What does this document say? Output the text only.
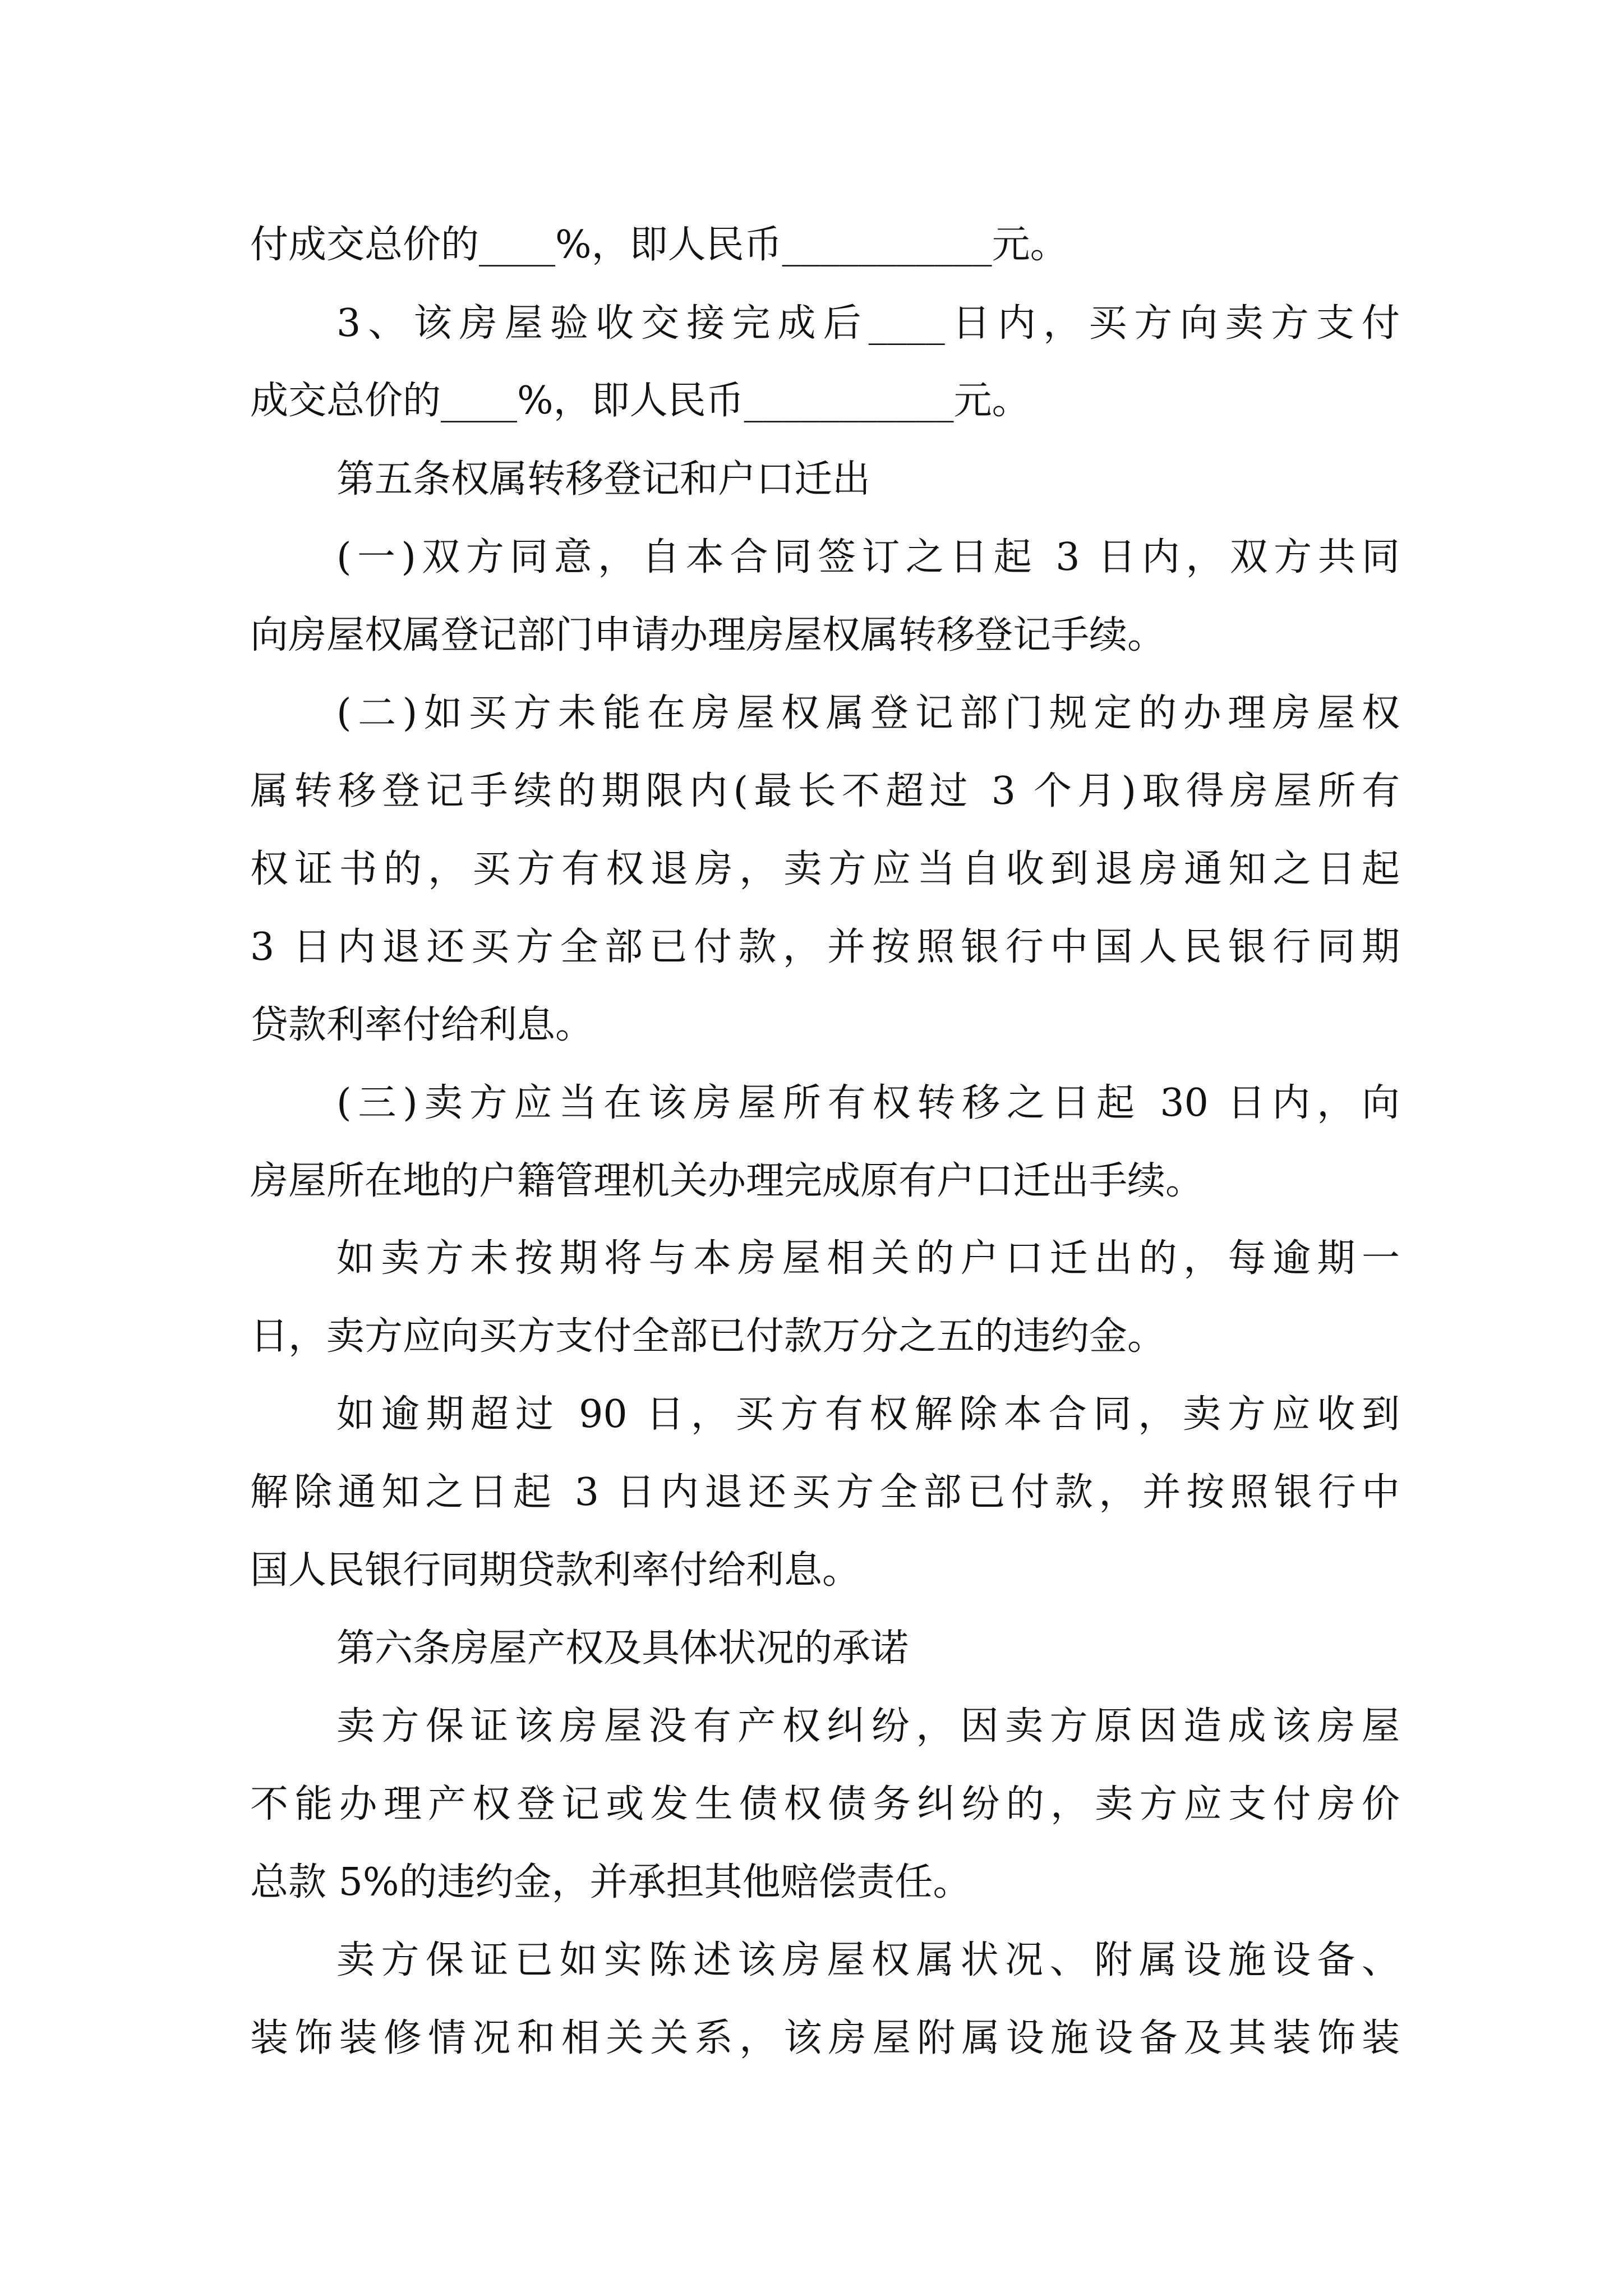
付成交总价的____%，即人民币___________元。
3、该房屋验收交接完成后____日内，买方向卖方支付
成交总价的____%，即人民币___________元。
第五条权属转移登记和户口迁出
(一)双方同意，自本合同签订之日起 3 日内，双方共同
向房屋权属登记部门申请办理房屋权属转移登记手续。
(二)如买方未能在房屋权属登记部门规定的办理房屋权
属转移登记手续的期限内(最长不超过 3 个月)取得房屋所有
权证书的，买方有权退房，卖方应当自收到退房通知之日起
3 日内退还买方全部已付款，并按照银行中国人民银行同期
贷款利率付给利息。
(三)卖方应当在该房屋所有权转移之日起 30 日内，向
房屋所在地的户籍管理机关办理完成原有户口迁出手续。
如卖方未按期将与本房屋相关的户口迁出的，每逾期一
日，卖方应向买方支付全部已付款万分之五的违约金。
如逾期超过 90 日，买方有权解除本合同，卖方应收到
解除通知之日起 3 日内退还买方全部已付款，并按照银行中
国人民银行同期贷款利率付给利息。
第六条房屋产权及具体状况的承诺
卖方保证该房屋没有产权纠纷，因卖方原因造成该房屋
不能办理产权登记或发生债权债务纠纷的，卖方应支付房价
总款 5%的违约金，并承担其他赔偿责任。
卖方保证已如实陈述该房屋权属状况、附属设施设备、
装饰装修情况和相关关系，该房屋附属设施设备及其装饰装
